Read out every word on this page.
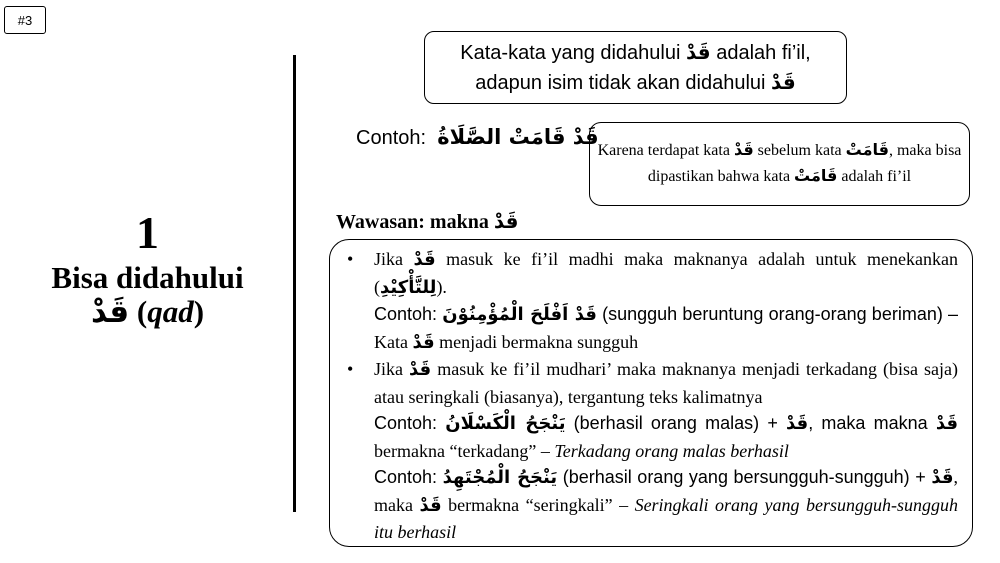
#3
1
Bisa didahului
قَدْ (qad)
Kata-kata yang didahului قَدْ adalah fi’il,
adapun isim tidak akan didahului قَدْ
Contoh: قَدْ قَامَتْ الصَّلَاةُ
Karena terdapat kata قَدْ sebelum kata قَامَتْ, maka bisa dipastikan bahwa kata قَامَتْ adalah fi’il
Wawasan: makna قَدْ
• Jika قَدْ masuk ke fi’il madhi maka maknanya adalah untuk menekankan (لِلتَّأْكِيْدِ).
Contoh: قَدْ اَفْلَحَ الْمُؤْمِنُوْنَ (sungguh beruntung orang-orang beriman) – Kata قَدْ menjadi bermakna sungguh
• Jika قَدْ masuk ke fi’il mudhari’ maka maknanya menjadi terkadang (bisa saja) atau seringkali (biasanya), tergantung teks kalimatnya
Contoh: يَنْجَحُ الْكَسْلَانُ (berhasil orang malas) + قَدْ, maka makna قَدْ bermakna “terkadang” – Terkadang orang malas berhasil
Contoh: يَنْجَحُ الْمُجْتَهِدُ (berhasil orang yang bersungguh-sungguh) + قَدْ, maka قَدْ bermakna “seringkali” – Seringkali orang yang bersungguh-sungguh itu berhasil
